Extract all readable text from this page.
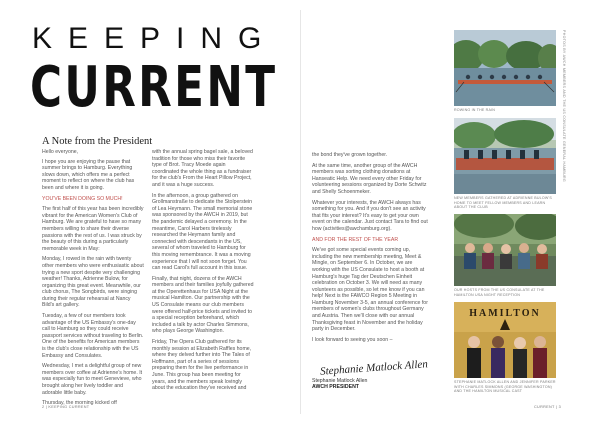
KEEPING
CURRENT
A Note from the President

Hello everyone,

I hope you are enjoying the pause that summer brings to Hamburg. Everything slows down, which offers me a perfect moment to reflect on where the club has been and where it is going.

YOU'VE BEEN DOING SO MUCH!

The first half of this year has been incredibly vibrant for the American Women's Club of Hamburg. We are grateful to have so many members willing to share their diverse passions with the rest of us. I was struck by the beauty of this during a particularly memorable week in May:

Monday, I rowed in the rain with twenty other members who were enthusiastic about trying a new sport despite very challenging weather! Thanks, Adrienne Bulow, for organizing this great event. Meanwhile, our club chorus, The Songbirds, were singing during their regular rehearsal at Nancy Bild's art gallery.

Tuesday, a few of our members took advantage of the US Embassy's one-day call to Hamburg so they could receive passport services without traveling to Berlin. One of the benefits for American members is the club's close relationship with the US Embassy and Consulates.

Wednesday, I met a delightful group of new members over coffee at Adrienne's home. It was especially fun to meet Genevieve, who brought along her lively toddler and adorable little baby.

Thursday, the morning kicked off

with the annual spring bagel sale, a beloved tradition for those who miss their favorite type of Brot. Tracy Moede again coordinated the whole thing as a fundraiser for the club's From the Heart Pillow Project, and it was a huge success.

In the afternoon, a group gathered on Grollmanstraße to dedicate the Stolperstein of Lea Heymann. The small memorial stone was sponsored by the AWCH in 2019, but the pandemic delayed a ceremony. In the meantime, Carol Harbers tirelessly researched the Heymann family and connected with descendants in the US, several of whom traveled to Hamburg for this moving remembrance. It was a moving experience that I will not soon forget. You can read Carol's full account in this issue.

Finally, that night, dozens of the AWCH members and their families joyfully gathered at the Operettenhaus for USA Night at the musical Hamilton. Our partnership with the US Consulate means our club members were offered half-price tickets and invited to a special reception beforehand, which included a talk by actor Charles Simmons, who plays George Washington.

Friday, The Opera Club gathered for its monthly session at Elizabeth Raffles home, where they delved further into The Tales of Hoffmann, part of a series of sessions preparing them for the live performance in June. This group has been meeting for years, and the members speak lovingly about the education they've received and

the bond they've grown together.

At the same time, another group of the AWCH members was sorting clothing donations at Hanseatic Help. We need every other Friday for volunteering sessions organized by Dorte Schwitz and Shelly Schoenmeker.

Whatever your interests, the AWCH always has something for you. And if you don't see an activity that fits your interest? It's easy to get your own event on the calendar. Just contact Tara to find out how (activities@awchamburg.org).

AND FOR THE REST OF THE YEAR

We've got some special events coming up, including the new membership meeting, Meet & Mingle, on September 6. In October, we are working with the US Consulate to host a booth at Hamburg's huge Tag der Deutschen Einheit celebration on October 3. We will need as many volunteers as possible, so let me know if you can help! Next is the FAWCO Region 5 Meeting in Hamburg November 3-5, an annual conference for members of women's clubs throughout Germany and Austria. Then we'll close with our annual Thanksgiving feast in November and the holiday party in December.

I look forward to seeing you soon –

Stephanie Matlock Allen
Stephanie Matlock Allen
AWCH PRESIDENT
ROWING IN THE RAIN
NEW MEMBERS GATHERED AT ADRIENNE BULOW'S HOME TO MEET FELLOW MEMBERS AND LEARN ABOUT THE CLUB
OUR HOSTS FROM THE US CONSULATE AT THE HAMILTON USA NIGHT RECEPTION
HAMILTON
STEPHANIE MATLOCK ALLEN AND JENNIFER PARKER WITH CHARLES SIMMONS (GEORGE WASHINGTON) AND THE HAMILTON MUSICAL CAST
PHOTOS BY AWCH MEMBERS AND THE US CONSULATE GENERAL HAMBURG
2 | KEEPING CURRENT	CURRENT | 3
